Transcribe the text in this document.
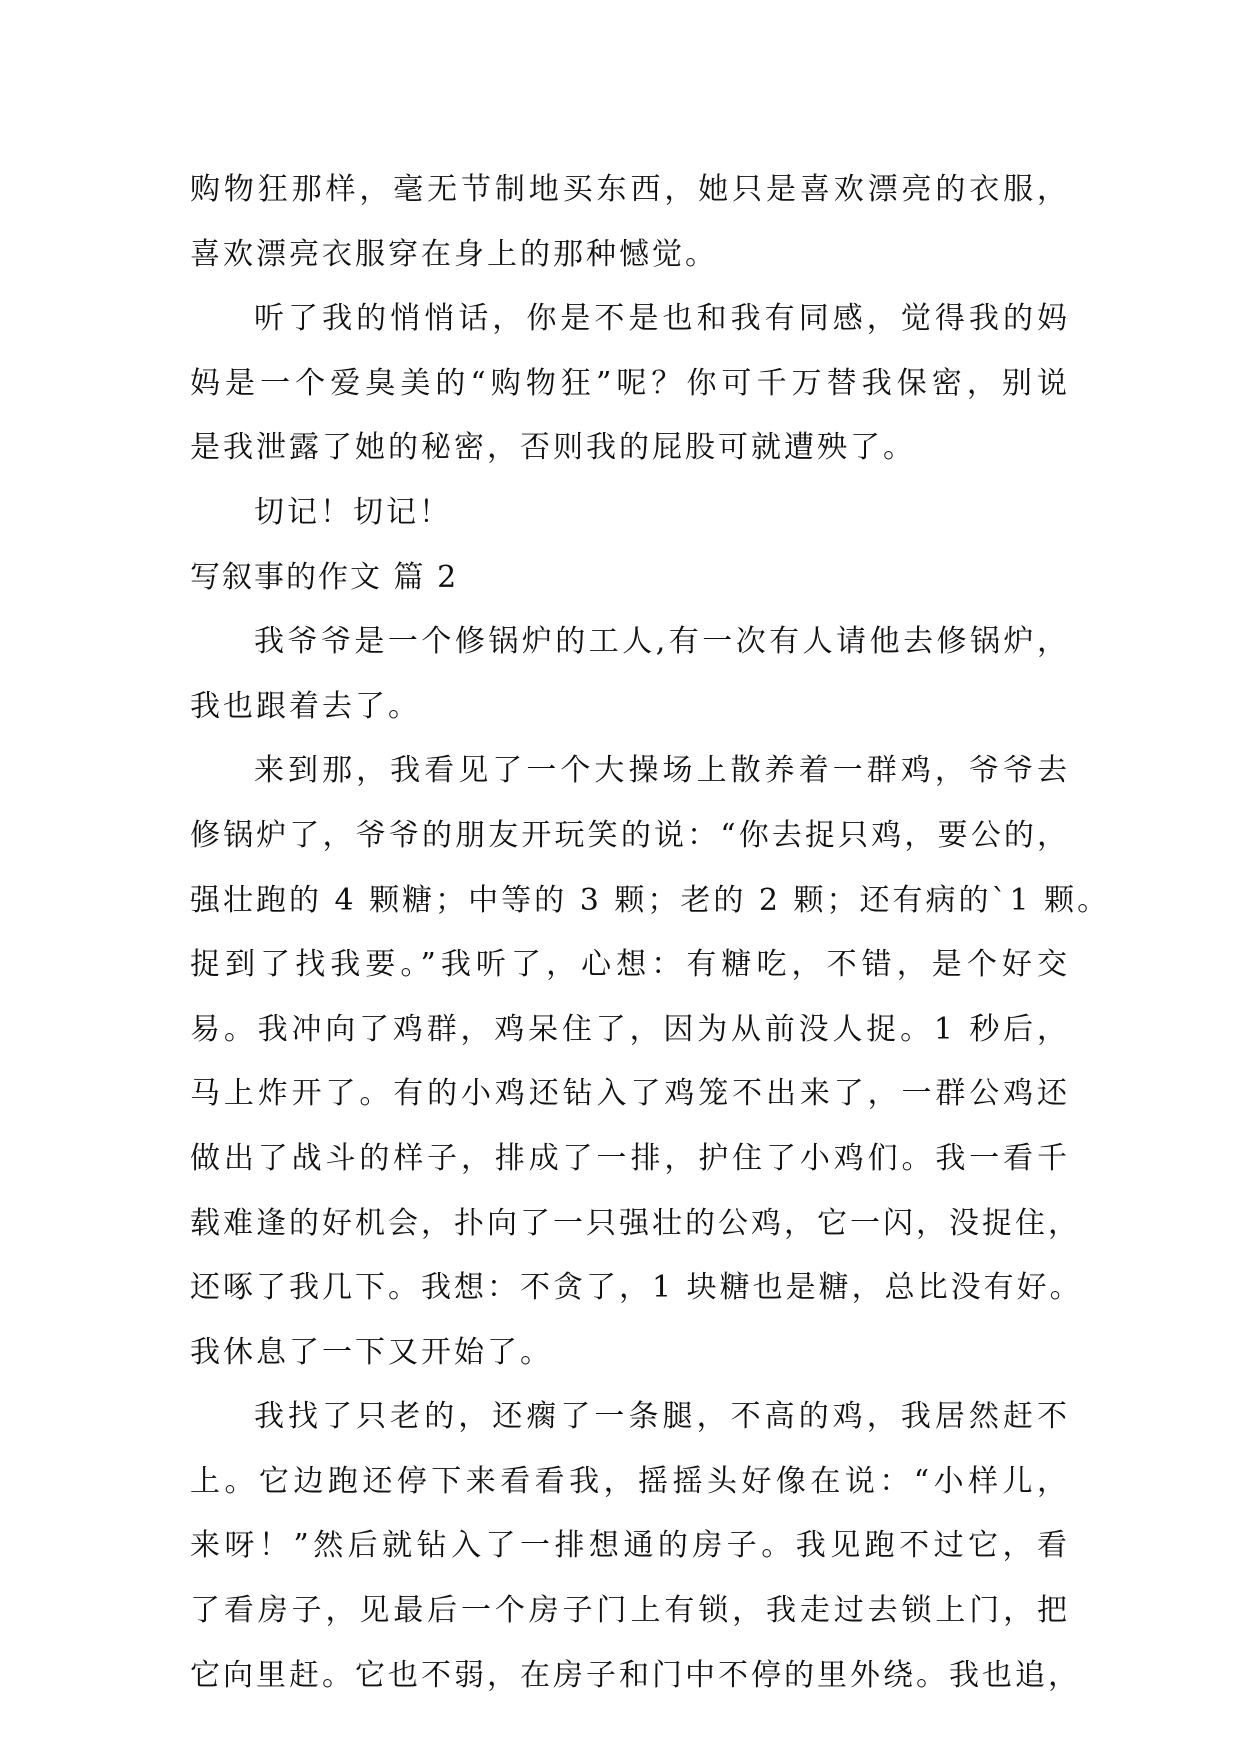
购物狂那样，毫无节制地买东西，她只是喜欢漂亮的衣服，
喜欢漂亮衣服穿在身上的那种憾觉。
听了我的悄悄话，你是不是也和我有同感，觉得我的妈
妈是一个爱臭美的“购物狂”呢？你可千万替我保密，别说
是我泄露了她的秘密，否则我的屁股可就遭殃了。
切记！切记！
写叙事的作文 篇 2
我爷爷是一个修锅炉的工人,有一次有人请他去修锅炉，
我也跟着去了。
来到那，我看见了一个大操场上散养着一群鸡，爷爷去
修锅炉了，爷爷的朋友开玩笑的说：“你去捉只鸡，要公的，
强壮跑的 4 颗糖；中等的 3 颗；老的 2 颗；还有病的`1 颗。
捉到了找我要。”我听了，心想：有糖吃，不错，是个好交
易。我冲向了鸡群，鸡呆住了，因为从前没人捉。1 秒后，
马上炸开了。有的小鸡还钻入了鸡笼不出来了，一群公鸡还
做出了战斗的样子，排成了一排，护住了小鸡们。我一看千
载难逢的好机会，扑向了一只强壮的公鸡，它一闪，没捉住，
还啄了我几下。我想：不贪了，1 块糖也是糖，总比没有好。
我休息了一下又开始了。
我找了只老的，还瘸了一条腿，不高的鸡，我居然赶不
上。它边跑还停下来看看我，摇摇头好像在说：“小样儿，
来呀！”然后就钻入了一排想通的房子。我见跑不过它，看
了看房子，见最后一个房子门上有锁，我走过去锁上门，把
它向里赶。它也不弱，在房子和门中不停的里外绕。我也追，
